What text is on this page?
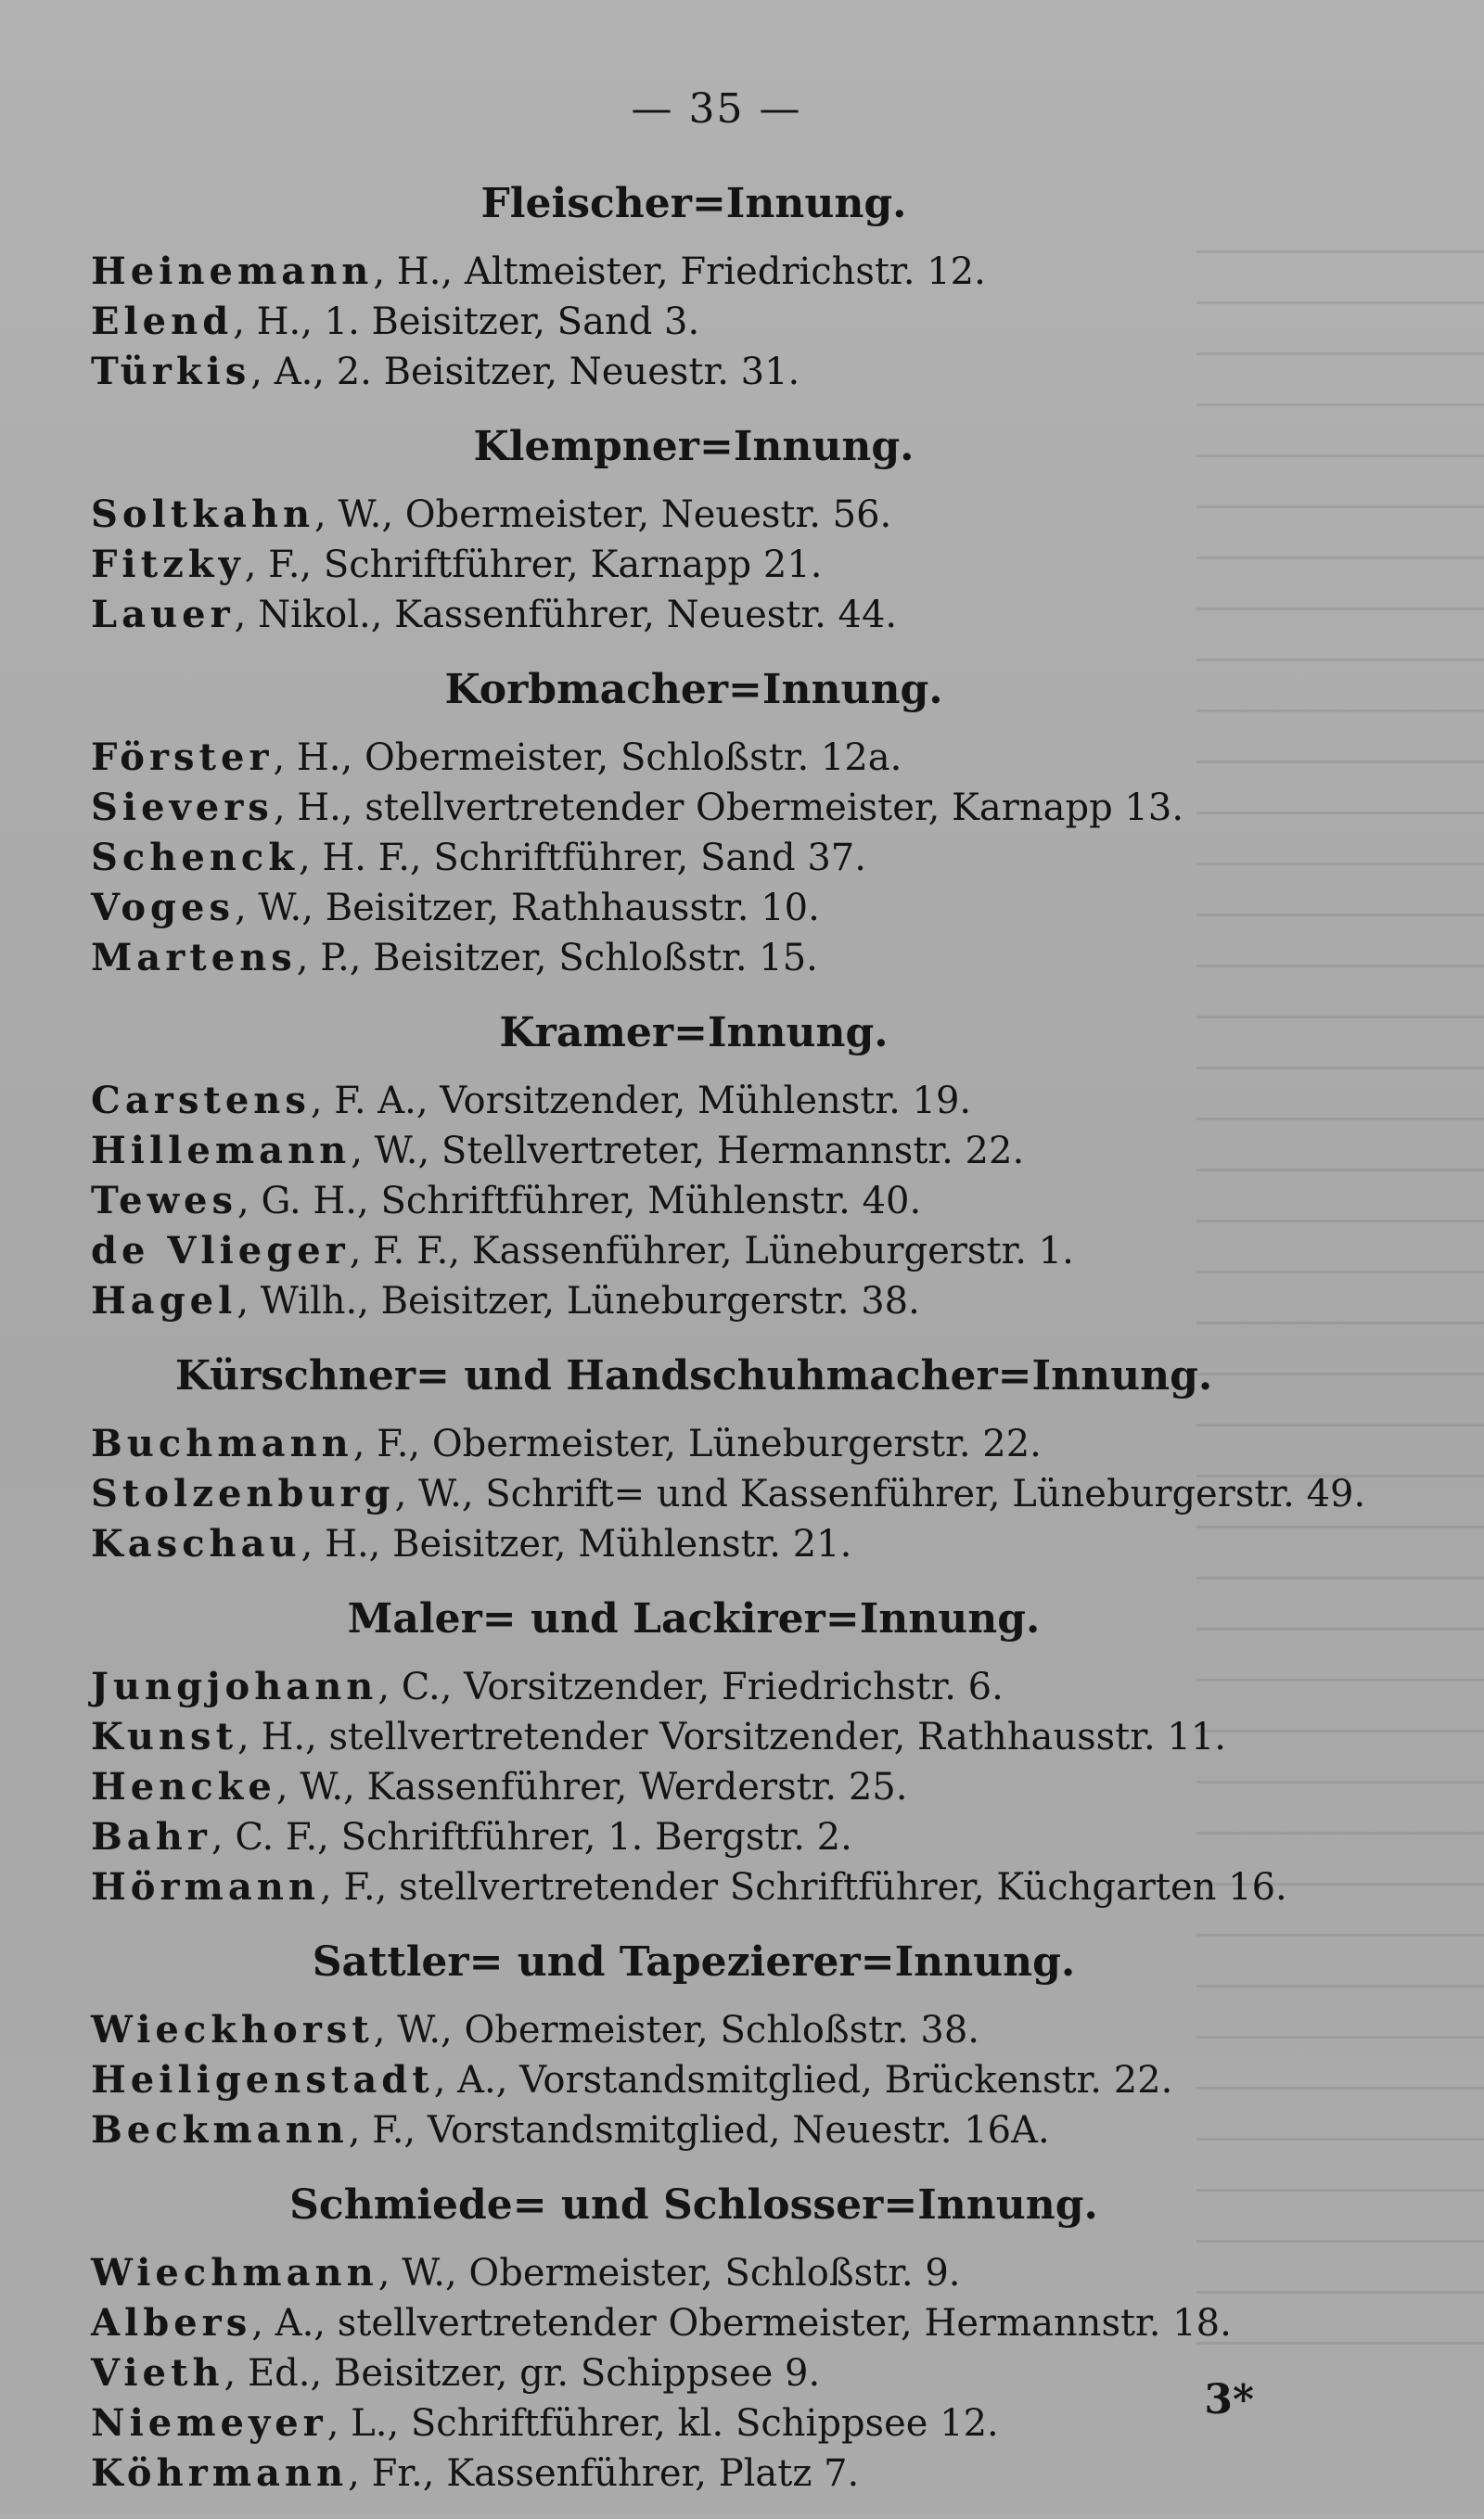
— 35 —
Fleischer=Innung.
Heinemann, H., Altmeister, Friedrichstr. 12.
Elend, H., 1. Beisitzer, Sand 3.
Türkis, A., 2. Beisitzer, Neuestr. 31.
Klempner=Innung.
Soltkahn, W., Obermeister, Neuestr. 56.
Fitzky, F., Schriftführer, Karnapp 21.
Lauer, Nikol., Kassenführer, Neuestr. 44.
Korbmacher=Innung.
Förster, H., Obermeister, Schloßstr. 12a.
Sievers, H., stellvertretender Obermeister, Karnapp 13.
Schenck, H. F., Schriftführer, Sand 37.
Voges, W., Beisitzer, Rathhausstr. 10.
Martens, P., Beisitzer, Schloßstr. 15.
Kramer=Innung.
Carstens, F. A., Vorsitzender, Mühlenstr. 19.
Hillemann, W., Stellvertreter, Hermannstr. 22.
Tewes, G. H., Schriftführer, Mühlenstr. 40.
de Vlieger, F. F., Kassenführer, Lüneburgerstr. 1.
Hagel, Wilh., Beisitzer, Lüneburgerstr. 38.
Kürschner= und Handschuhmacher=Innung.
Buchmann, F., Obermeister, Lüneburgerstr. 22.
Stolzenburg, W., Schrift= und Kassenführer, Lüneburgerstr. 49.
Kaschau, H., Beisitzer, Mühlenstr. 21.
Maler= und Lackirer=Innung.
Jungjohann, C., Vorsitzender, Friedrichstr. 6.
Kunst, H., stellvertretender Vorsitzender, Rathhausstr. 11.
Hencke, W., Kassenführer, Werderstr. 25.
Bahr, C. F., Schriftführer, 1. Bergstr. 2.
Hörmann, F., stellvertretender Schriftführer, Küchgarten 16.
Sattler= und Tapezierer=Innung.
Wieckhorst, W., Obermeister, Schloßstr. 38.
Heiligenstadt, A., Vorstandsmitglied, Brückenstr. 22.
Beckmann, F., Vorstandsmitglied, Neuestr. 16A.
Schmiede= und Schlosser=Innung.
Wiechmann, W., Obermeister, Schloßstr. 9.
Albers, A., stellvertretender Obermeister, Hermannstr. 18.
Vieth, Ed., Beisitzer, gr. Schippsee 9.
Niemeyer, L., Schriftführer, kl. Schippsee 12.
Köhrmann, Fr., Kassenführer, Platz 7.
3*
